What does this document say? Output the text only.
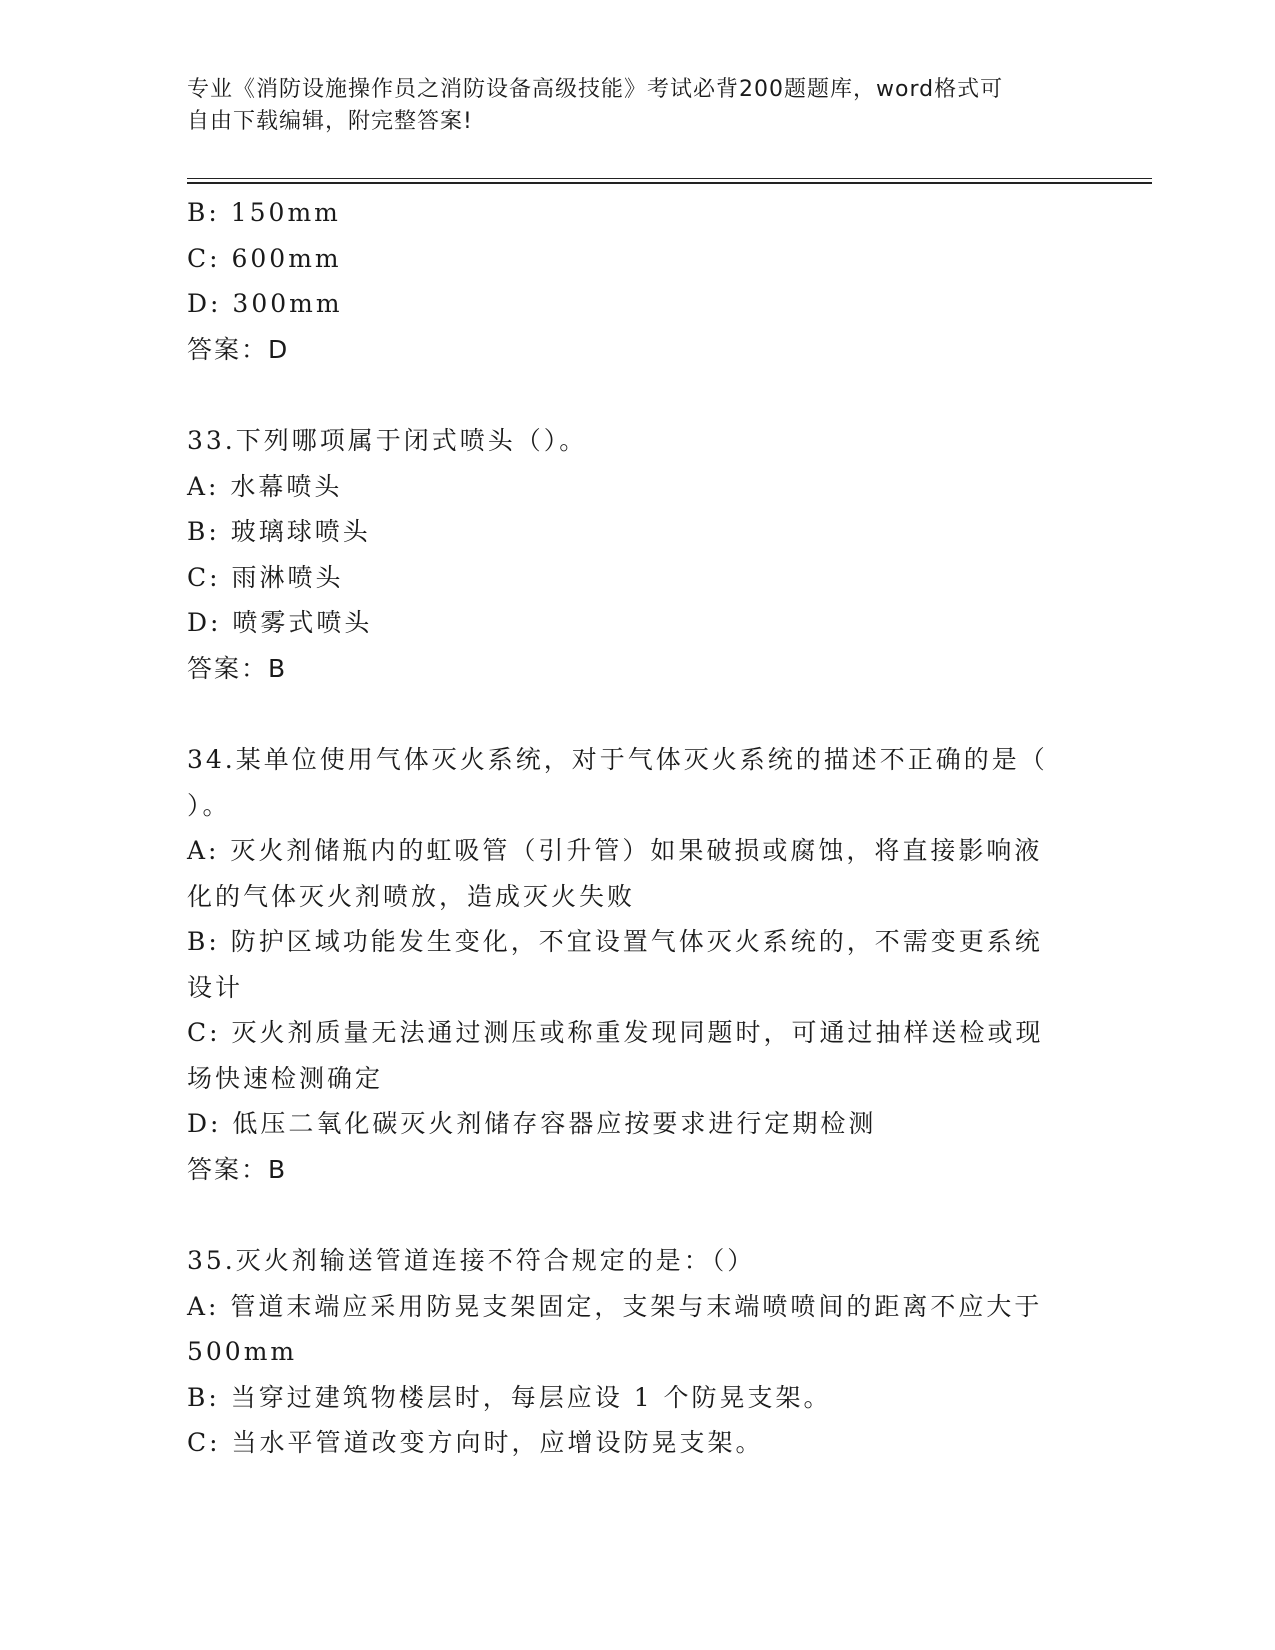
专业《消防设施操作员之消防设备高级技能》考试必背200题题库，word格式可
自由下载编辑，附完整答案!
B: 150mm
C: 600mm
D: 300mm
答案：D
33.下列哪项属于闭式喷头（）。
A: 水幕喷头
B: 玻璃球喷头
C: 雨淋喷头
D: 喷雾式喷头
答案：B
34.某单位使用气体灭火系统，对于气体灭火系统的描述不正确的是（
）。
A: 灭火剂储瓶内的虹吸管（引升管）如果破损或腐蚀，将直接影响液
化的气体灭火剂喷放，造成灭火失败
B: 防护区域功能发生变化，不宜设置气体灭火系统的，不需变更系统
设计
C: 灭火剂质量无法通过测压或称重发现同题时，可通过抽样送检或现
场快速检测确定
D: 低压二氧化碳灭火剂储存容器应按要求进行定期检测
答案：B
35.灭火剂输送管道连接不符合规定的是：（）
A: 管道末端应采用防晃支架固定，支架与末端喷喷间的距离不应大于
500mm
B: 当穿过建筑物楼层时，每层应设 1 个防晃支架。
C: 当水平管道改变方向时，应增设防晃支架。
